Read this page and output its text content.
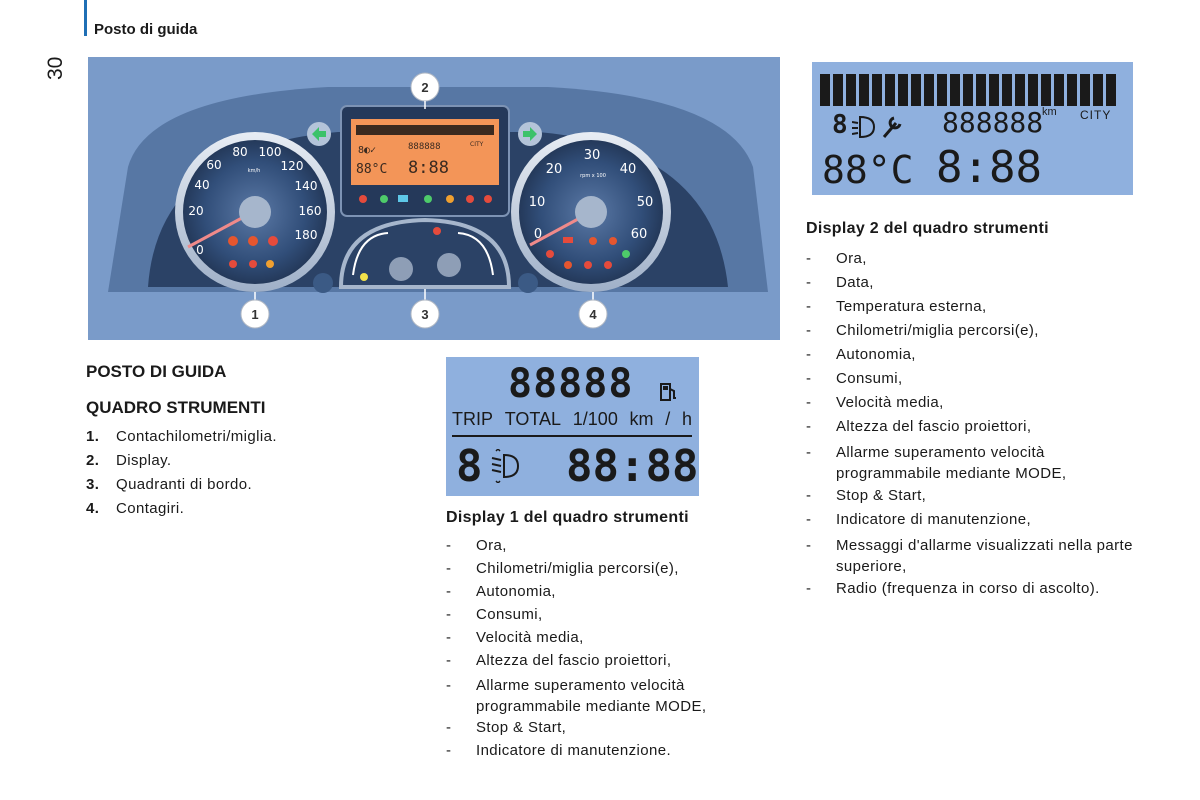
Posto di guida
30
8◐✓	888888	CITY
88°C 8:88
0
20
40
60
80 100
120
140
160
180
km/h
0
10
20
30
40
50
60
rpm x 100
1
2
3	4
POSTO DI GUIDA
QUADRO STRUMENTI
1. Contachilometri/miglia.
2. Display.
3. Quadranti di bordo.
4. Contagiri.
88888
TRIP TOTAL 1/100 km / h
8 88:88
Display 1 del quadro strumenti
- Ora,
- Chilometri/miglia percorsi(e),
- Autonomia,
- Consumi,
- Velocità media,
- Altezza del fascio proiettori,
- Allarme superamento velocità programmabile mediante MODE,
- Stop & Start,
- Indicatore di manutenzione.
8	888888
km CITY
88°C 8:88
Display 2 del quadro strumenti
- Ora,
- Data,
- Temperatura esterna,
- Chilometri/miglia percorsi(e),
- Autonomia,
- Consumi,
- Velocità media,
- Altezza del fascio proiettori,
- Allarme superamento velocità programmabile mediante MODE,
- Stop & Start,
- Indicatore di manutenzione,
- Messaggi d'allarme visualizzati nella parte superiore,
- Radio (frequenza in corso di ascolto).
